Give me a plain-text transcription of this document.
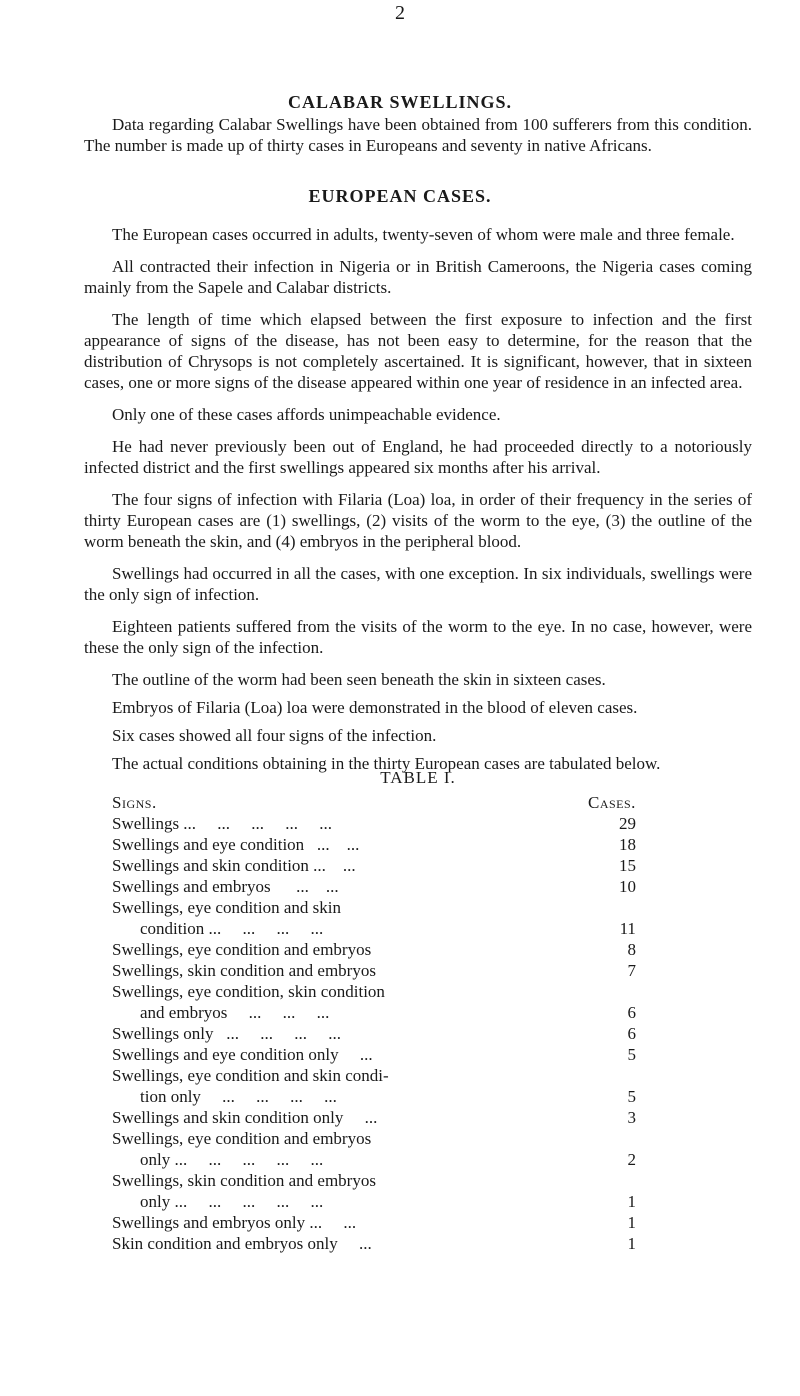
2
CALABAR SWELLINGS.

Data regarding Calabar Swellings have been obtained from 100 sufferers from this condition. The number is made up of thirty cases in Europeans and seventy in native Africans.

EUROPEAN CASES.

The European cases occurred in adults, twenty-seven of whom were male and three female.

All contracted their infection in Nigeria or in British Cameroons, the Nigeria cases coming mainly from the Sapele and Calabar districts.

The length of time which elapsed between the first exposure to infection and the first appearance of signs of the disease, has not been easy to determine, for the reason that the distribution of Chrysops is not completely ascertained. It is significant, however, that in sixteen cases, one or more signs of the disease appeared within one year of residence in an infected area.

Only one of these cases affords unimpeachable evidence.

He had never previously been out of England, he had proceeded directly to a notoriously infected district and the first swellings appeared six months after his arrival.

The four signs of infection with Filaria (Loa) loa, in order of their frequency in the series of thirty European cases are (1) swellings, (2) visits of the worm to the eye, (3) the outline of the worm beneath the skin, and (4) embryos in the peripheral blood.

Swellings had occurred in all the cases, with one exception. In six individuals, swellings were the only sign of infection.

Eighteen patients suffered from the visits of the worm to the eye. In no case, however, were these the only sign of the infection.

The outline of the worm had been seen beneath the skin in sixteen cases.

Embryos of Filaria (Loa) loa were demonstrated in the blood of eleven cases.

Six cases showed all four signs of the infection.

The actual conditions obtaining in the thirty European cases are tabulated below.

TABLE I.
Signs.	Cases.
Swellings ...     ...     ...     ...     ...	29
Swellings and eye condition   ...    ...	18
Swellings and skin condition ...    ...	15
Swellings and embryos      ...    ...	10
Swellings, eye condition and skin
condition ...     ...     ...     ...	11
Swellings, eye condition and embryos	8
Swellings, skin condition and embryos	7
Swellings, eye condition, skin condition
and embryos     ...     ...     ...	6
Swellings only   ...     ...     ...     ...	6
Swellings and eye condition only     ...	5
Swellings, eye condition and skin condi-
tion only     ...     ...     ...     ...	5
Swellings and skin condition only     ...	3
Swellings, eye condition and embryos
only ...     ...     ...     ...     ...	2
Swellings, skin condition and embryos
only ...     ...     ...     ...     ...	1
Swellings and embryos only ...     ...	1
Skin condition and embryos only     ...	1
